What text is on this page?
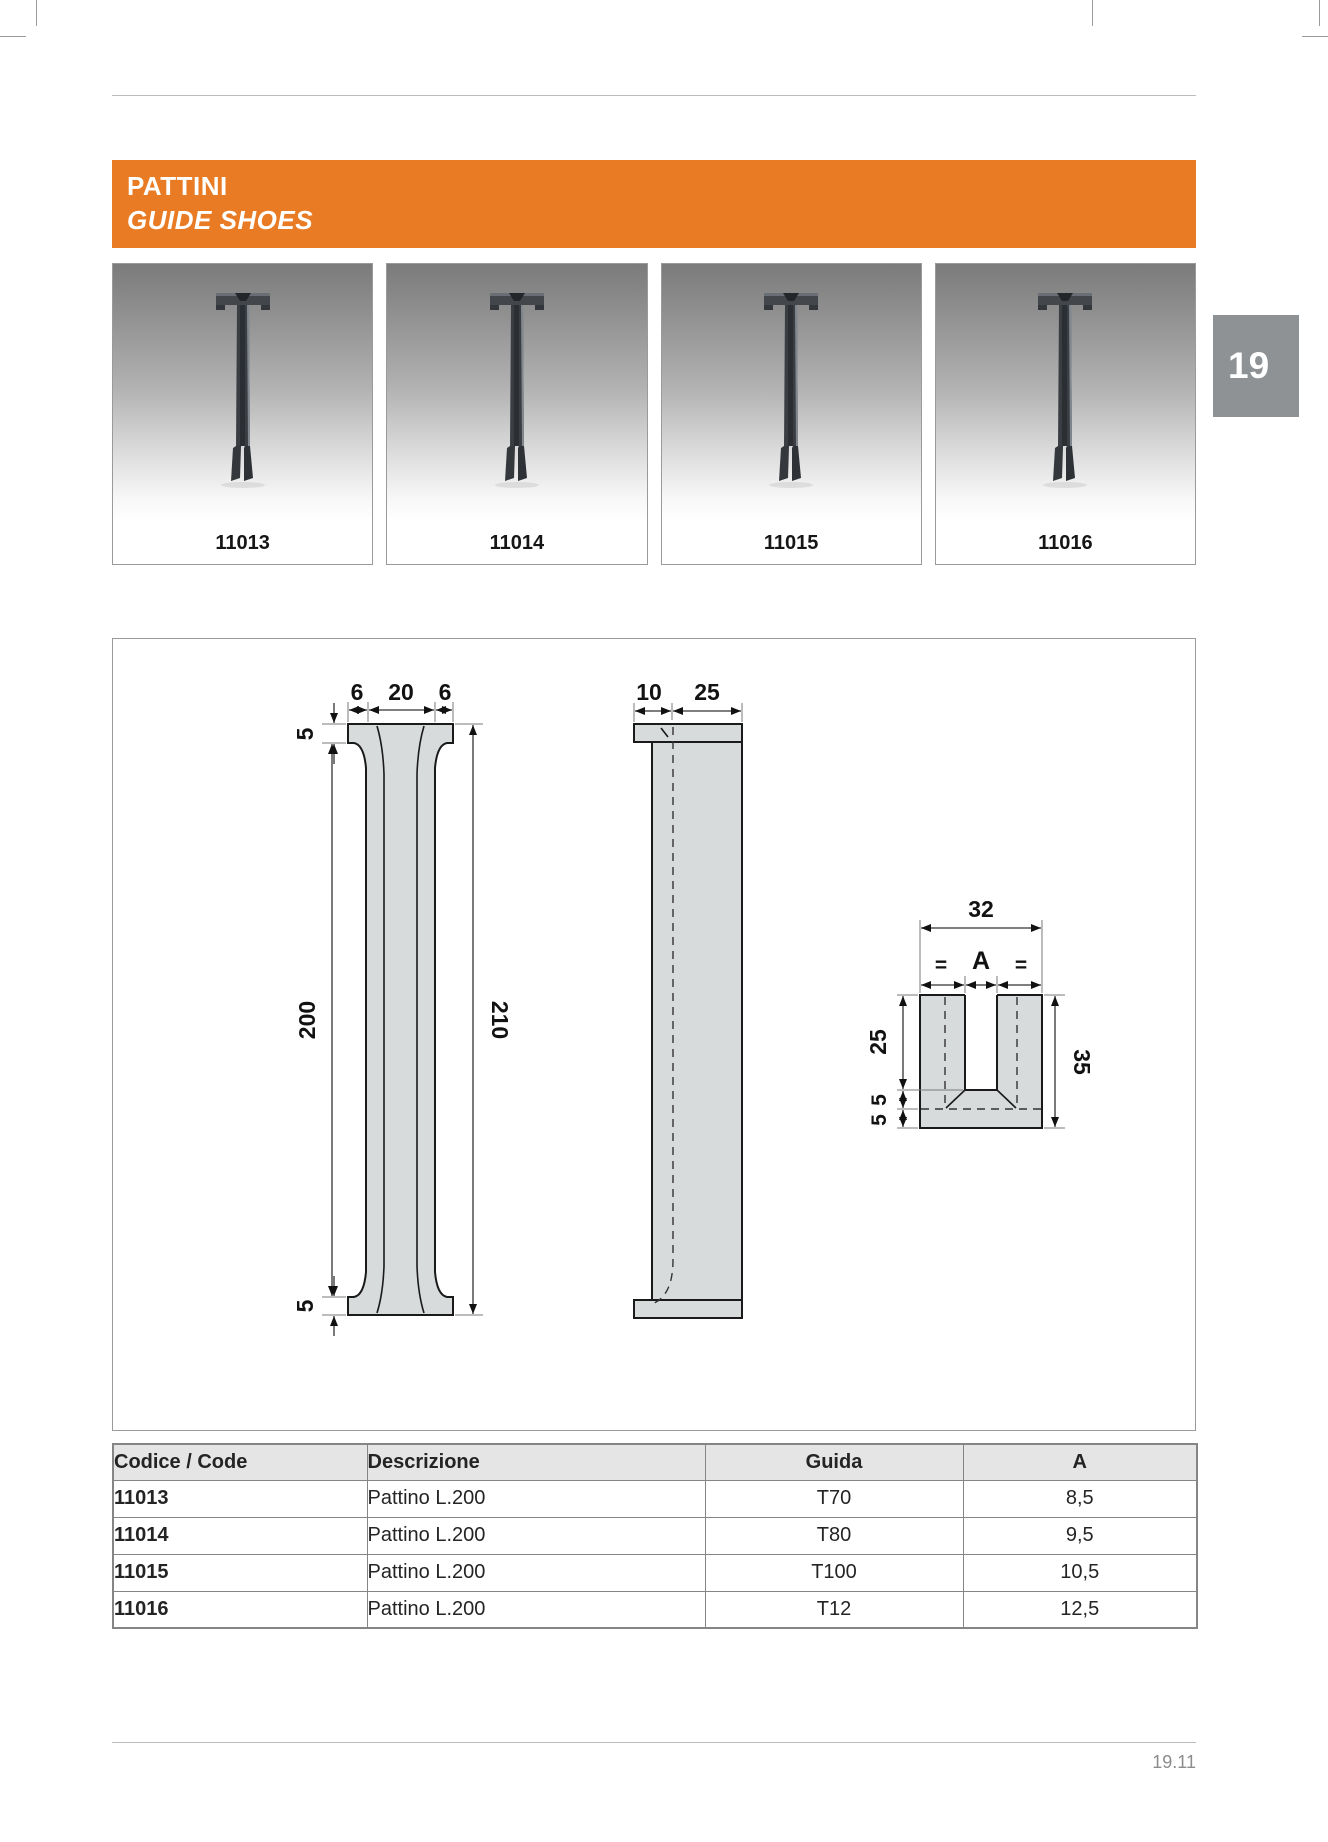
PATTINI
GUIDE SHOES
19
11013	11014	11015	11016
6 20 6
5
200	210
5
10 25
32
= A =
25
5
5
35
Codice / Code	Descrizione	Guida	A
11013	Pattino L.200	T70	8,5
11014	Pattino L.200	T80	9,5
11015	Pattino L.200	T100	10,5
11016	Pattino L.200	T12	12,5
19.11
